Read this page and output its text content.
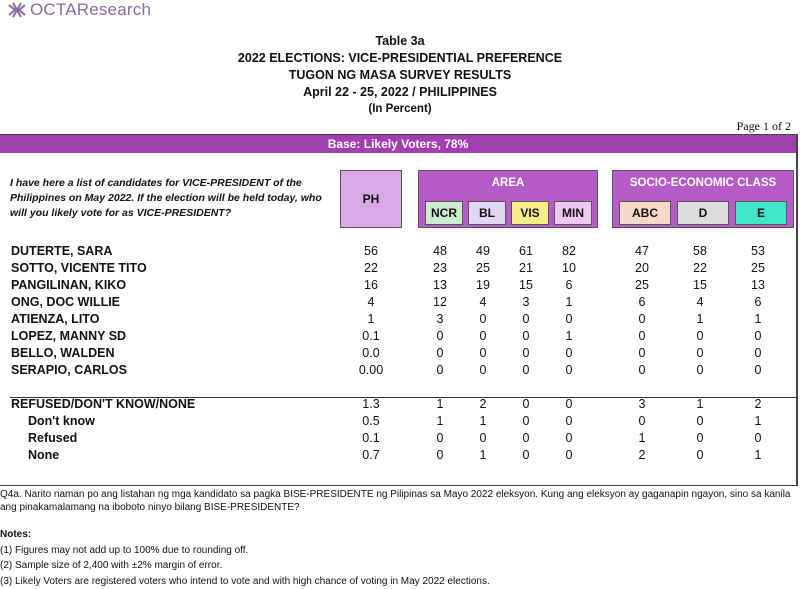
OCTAResearch
Table 3a
2022 ELECTIONS: VICE-PRESIDENTIAL PREFERENCE
TUGON NG MASA SURVEY RESULTS
April 22 - 25, 2022 / PHILIPPINES
(In Percent)
Page 1 of 2
Base: Likely Voters, 78%
I have here a list of candidates for VICE-PRESIDENT of the Philippines on May 2022. If the election will be held today, who will you likely vote for as VICE-PRESIDENT?
PH
AREA
NCR	BL	VIS	MIN
SOCIO-ECONOMIC CLASS
ABC	D	E
DUTERTE, SARA	56	48	49	61	82	47	58	53
SOTTO, VICENTE TITO	22	23	25	21	10	20	22	25
PANGILINAN, KIKO	16	13	19	15	6	25	15	13
ONG, DOC WILLIE	4	12	4	3	1	6	4	6
ATIENZA, LITO	1	3	0	0	0	0	1	1
LOPEZ, MANNY SD	0.1	0	0	0	1	0	0	0
BELLO, WALDEN	0.0	0	0	0	0	0	0	0
SERAPIO, CARLOS	0.00	0	0	0	0	0	0	0
REFUSED/DON'T KNOW/NONE	1.3	1	2	0	0	3	1	2
Don't know	0.5	1	1	0	0	0	0	1
Refused	0.1	0	0	0	0	1	0	0
None	0.7	0	1	0	0	2	0	1
Q4a. Narito naman po ang listahan ng mga kandidato sa pagka BISE-PRESIDENTE ng Pilipinas sa Mayo 2022 eleksyon. Kung ang eleksyon ay gaganapin ngayon, sino sa kanila ang pinakamalamang na iboboto ninyo bilang BISE-PRESIDENTE?
Notes:
(1) Figures may not add up to 100% due to rounding off.
(2) Sample size of 2,400 with ±2% margin of error.
(3) Likely Voters are registered voters who intend to vote and with high chance of voting in May 2022 elections.
